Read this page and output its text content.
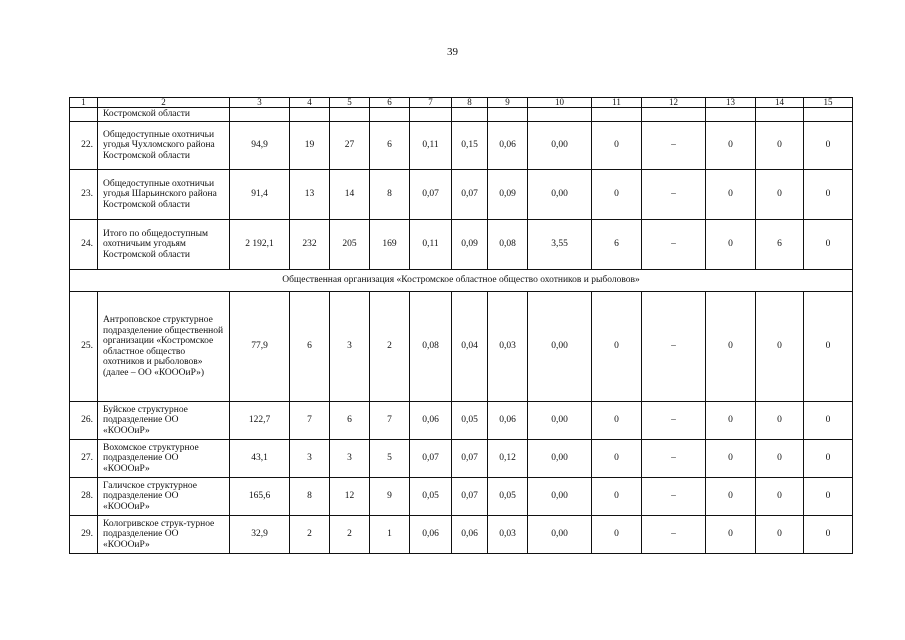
39
1	2	3	4	5	6	7	8	9	10	11	12	13	14	15
	Костромской области													
22.	Общедоступные охотничьи угодья Чухломского района Костромской области	94,9	19	27	6	0,11	0,15	0,06	0,00	0	–	0	0	0
23.	Общедоступные охотничьи угодья Шарьинского района Костромской области	91,4	13	14	8	0,07	0,07	0,09	0,00	0	–	0	0	0
24.	Итого по общедоступным охотничьим угодьям Костромской области	2 192,1	232	205	169	0,11	0,09	0,08	3,55	6	–	0	6	0
Общественная организация «Костромское областное общество охотников и рыболовов»														
25.	Антроповское структурное подразделение общественной организации «Костромское областное общество охотников и рыболовов» (далее – ОО «КОООиР»)	77,9	6	3	2	0,08	0,04	0,03	0,00	0	–	0	0	0
26.	Буйское структурное подразделение ОО «КОООиР»	122,7	7	6	7	0,06	0,05	0,06	0,00	0	–	0	0	0
27.	Вохомское структурное подразделение ОО «КОООиР»	43,1	3	3	5	0,07	0,07	0,12	0,00	0	–	0	0	0
28.	Галичское структурное подразделение ОО «КОООиР»	165,6	8	12	9	0,05	0,07	0,05	0,00	0	–	0	0	0
29.	Кологривское струк-турное подразделение ОО «КОООиР»	32,9	2	2	1	0,06	0,06	0,03	0,00	0	–	0	0	0
